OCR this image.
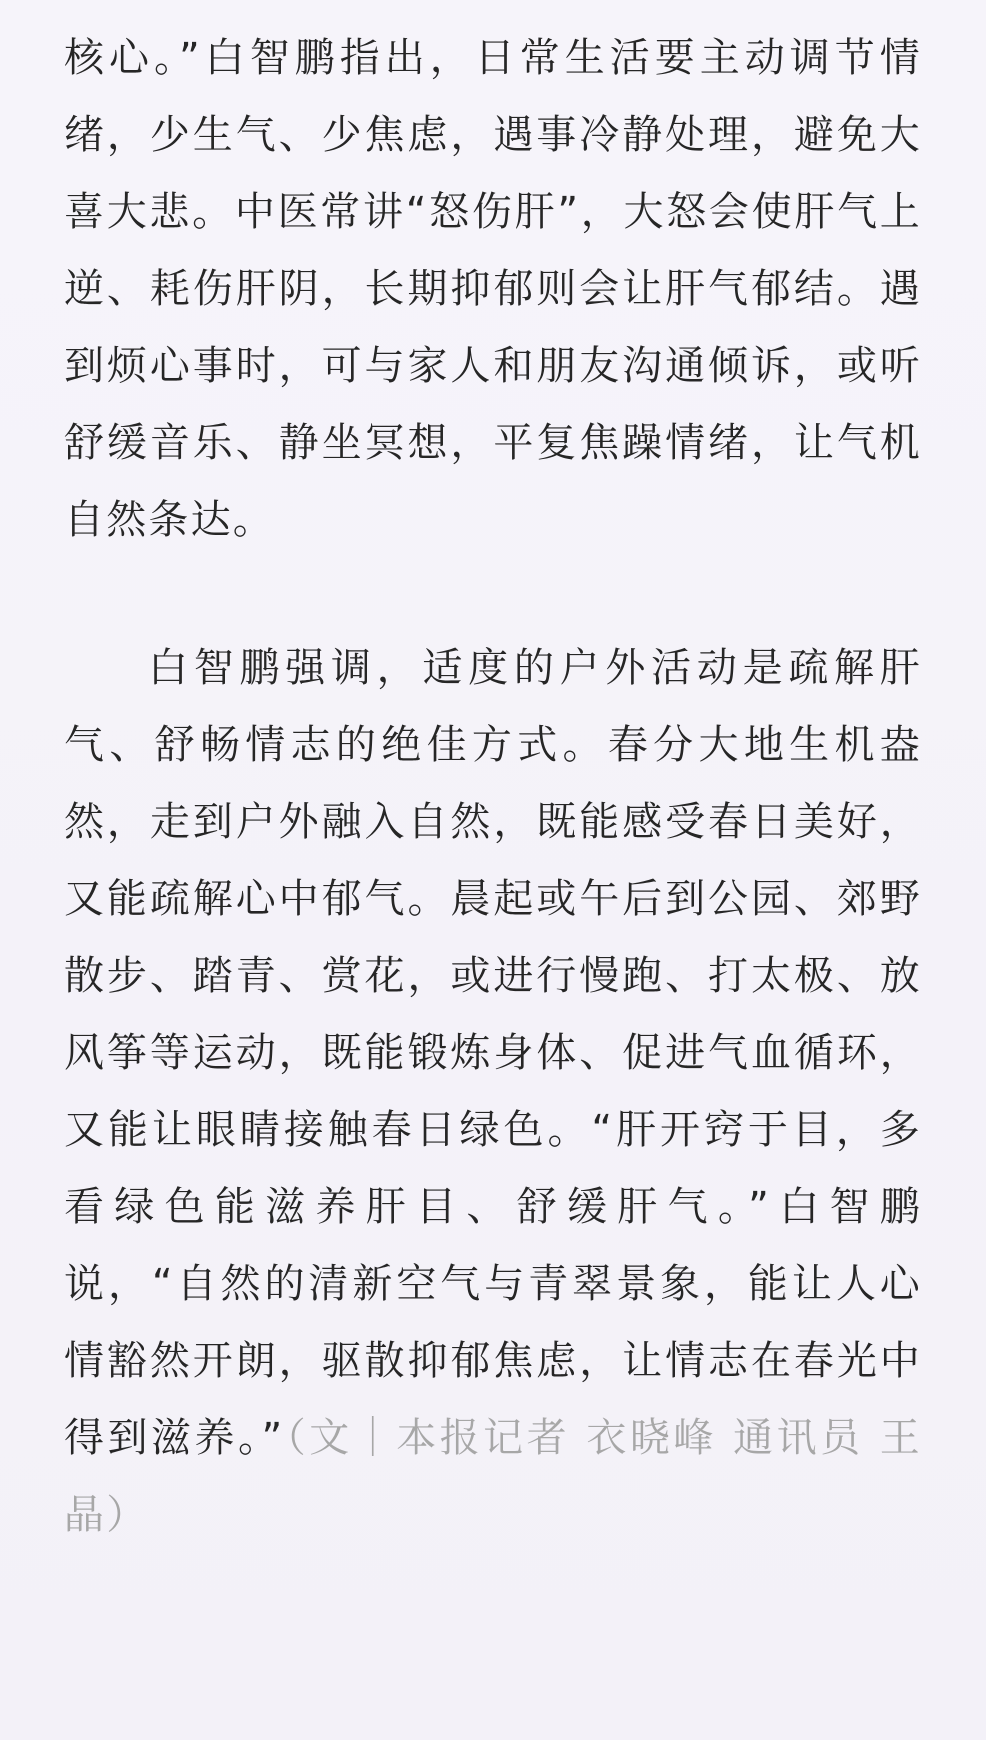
核心。”白智鹏指出，日常生活要主动调节情绪，少生气、少焦虑，遇事冷静处理，避免大喜大悲。中医常讲“怒伤肝”，大怒会使肝气上逆、耗伤肝阴，长期抑郁则会让肝气郁结。遇到烦心事时，可与家人和朋友沟通倾诉，或听舒缓音乐、静坐冥想，平复焦躁情绪，让气机自然条达。

白智鹏强调，适度的户外活动是疏解肝气、舒畅情志的绝佳方式。春分大地生机盎然，走到户外融入自然，既能感受春日美好，又能疏解心中郁气。晨起或午后到公园、郊野散步、踏青、赏花，或进行慢跑、打太极、放风筝等运动，既能锻炼身体、促进气血循环，又能让眼睛接触春日绿色。“肝开窍于目，多看绿色能滋养肝目、舒缓肝气。”白智鹏说，“自然的清新空气与青翠景象，能让人心情豁然开朗，驱散抑郁焦虑，让情志在春光中得到滋养。”（文｜本报记者 衣晓峰 通讯员 王晶）
